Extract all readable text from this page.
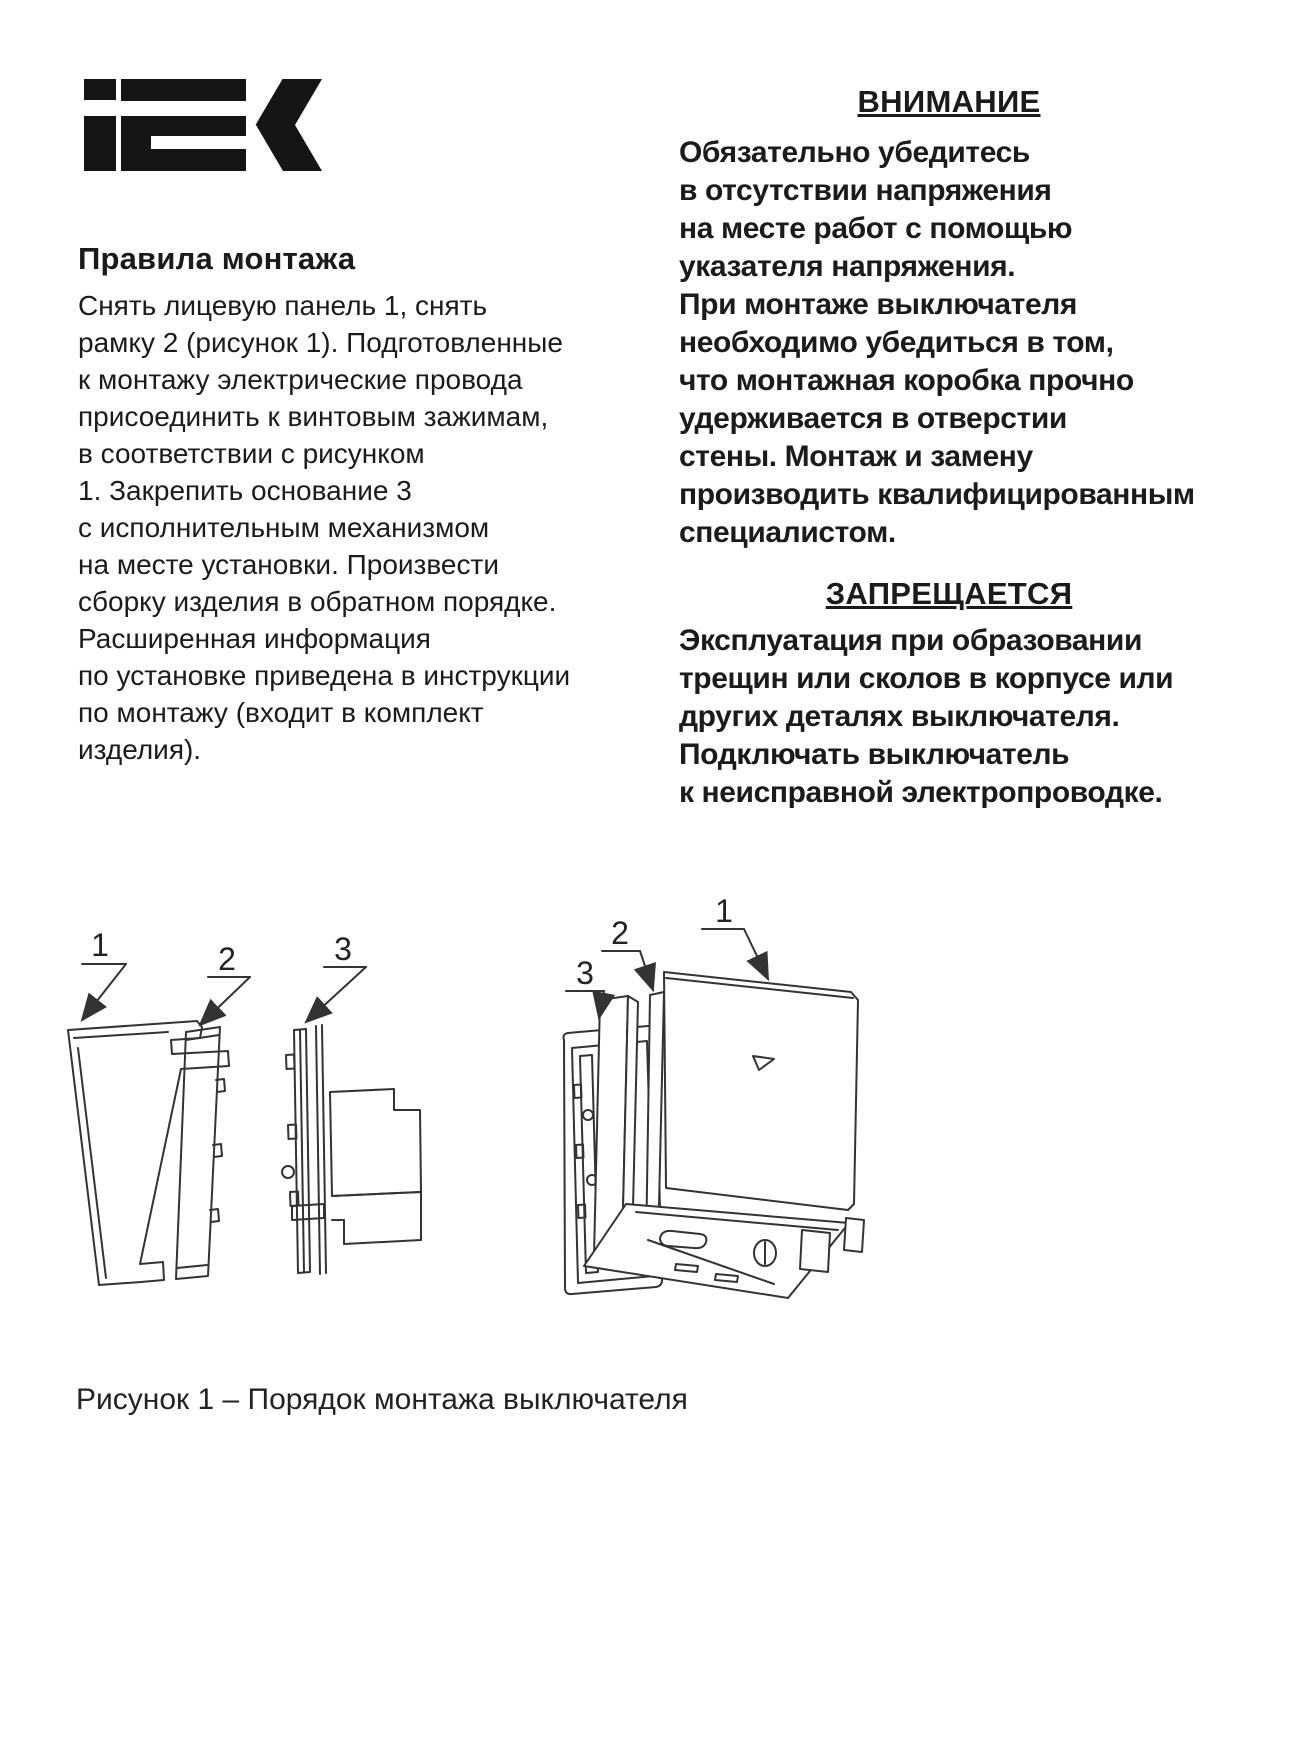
Правила монтажа
Снять лицевую панель 1, снять
рамку 2 (рисунок 1). Подготовленные
к монтажу электрические провода
присоединить к винтовым зажимам,
в соответствии с рисунком
1. Закрепить основание 3
с исполнительным механизмом
на месте установки. Произвести
сборку изделия в обратном порядке.
Расширенная информация
по установке приведена в инструкции
по монтажу (входит в комплект
изделия).
ВНИМАНИЕ
Обязательно убедитесь
в отсутствии напряжения
на месте работ с помощью
указателя напряжения.
При монтаже выключателя
необходимо убедиться в том,
что монтажная коробка прочно
удерживается в отверстии
стены. Монтаж и замену
производить квалифицированным
специалистом.
ЗАПРЕЩАЕТСЯ
Эксплуатация при образовании
трещин или сколов в корпусе или
других деталях выключателя.
Подключать выключатель
к неисправной электропроводке.
1	2	3
3
2
1
Рисунок 1 – Порядок монтажа выключателя
